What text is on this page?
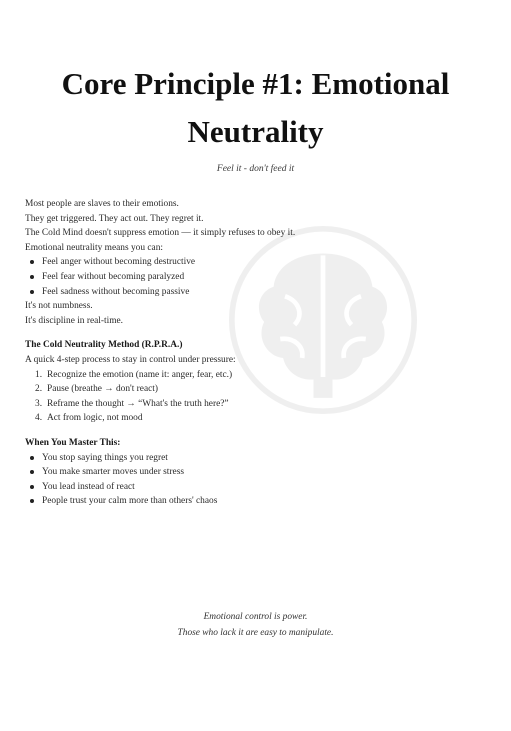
Core Principle #1: Emotional
Neutrality
Feel it - don't feed it

Most people are slaves to their emotions.

They get triggered. They act out. They regret it.

The Cold Mind doesn't suppress emotion — it simply refuses to obey it.

Emotional neutrality means you can:

Feel anger without becoming destructive
Feel fear without becoming paralyzed
Feel sadness without becoming passive

It's not numbness.

It's discipline in real-time.

The Cold Neutrality Method (R.P.R.A.)

A quick 4-step process to stay in control under pressure:

1. Recognize the emotion (name it: anger, fear, etc.)
2. Pause (breathe → don't react)
3. Reframe the thought → “What's the truth here?”
4. Act from logic, not mood

When You Master This:

You stop saying things you regret
You make smarter moves under stress
You lead instead of react
People trust your calm more than others' chaos
Emotional control is power.
Those who lack it are easy to manipulate.
